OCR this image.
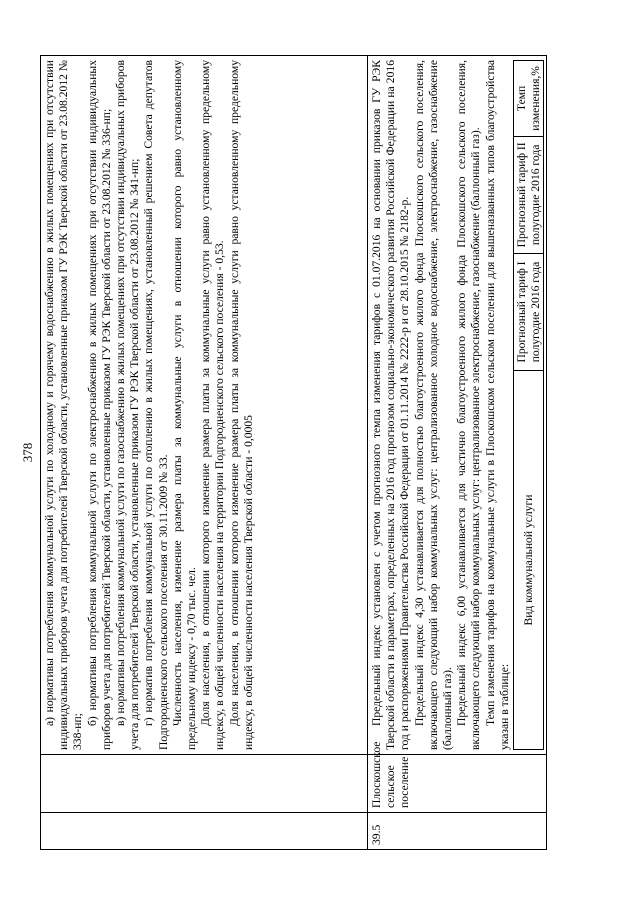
378
		а) нормативы потребления коммунальной услуги по холодному и горячему водоснабжению в жилых помещениях при отсутствии индивидуальных приборов учета для потребителей Тверской области, установленные приказом ГУ РЭК Тверской области от 23.08.2012 № 338-нп;

б) нормативы потребления коммунальной услуги по электроснабжению в жилых помещениях при отсутствии индивидуальных приборов учета для потребителей Тверской области, установленные приказом ГУ РЭК Тверской области от 23.08.2012 № 336-нп; в) нормативы потребления коммунальной услуги по газоснабжению в жилых помещениях при отсутствии индивидуальных приборов учета для потребителей Тверской области, установленные приказом ГУ РЭК Тверской области от 23.08.2012 № 341-нп; г) норматив потребления коммунальной услуги по отоплению в жилых помещениях, установленный решением Совета депутатов Подгородненского сельского поселения от 30.11.2009 № 33. Численность населения, изменение размера платы за коммунальные услуги в отношении которого равно установленному предельному индексу - 0,70 тыс. чел. Доля населения, в отношении которого изменение размера платы за коммунальные услуги равно установленному предельному индексу, в общей численности населения на территории Подгородненского сельского поселения - 0,53. Доля населения, в отношении которого изменение размера платы за коммунальные услуги равно установленному предельному индексу, в общей численности населения Тверской области - 0,0005

39.5	Плоскошское сельское поселение	

Предельный индекс установлен с учетом прогнозного темпа изменения тарифов с 01.07.2016 на основании приказов ГУ РЭК Тверской области в параметрах, определенных на 2016 год прогнозом социально-экономического развития Российской Федерации на 2016 год и распоряжениями Правительства Российской Федерации от 01.11.2014 № 2222-р и от 28.10.2015 № 2182-р. Предельный индекс 4,30 устанавливается для полностью благоустроенного жилого фонда Плоскошского сельского поселения, включающего следующий набор коммунальных услуг: централизованное холодное водоснабжение, электроснабжение, газоснабжение (баллонный газ). Предельный индекс 6,00 устанавливается для частично благоустроенного жилого фонда Плоскошского сельского поселения, включающего следующий набор коммунальных услуг: централизованное электроснабжение, газоснабжение (баллонный газ). Темп изменения тарифов на коммунальные услуги в Плоскошском сельском поселении для вышеназванных типов благоустройства указан в таблице:

Вид коммунальной услуги	Прогнозный тариф I полугодие 2016 года	Прогнозный тариф II полугодие 2016 года	Темп изменения,%
